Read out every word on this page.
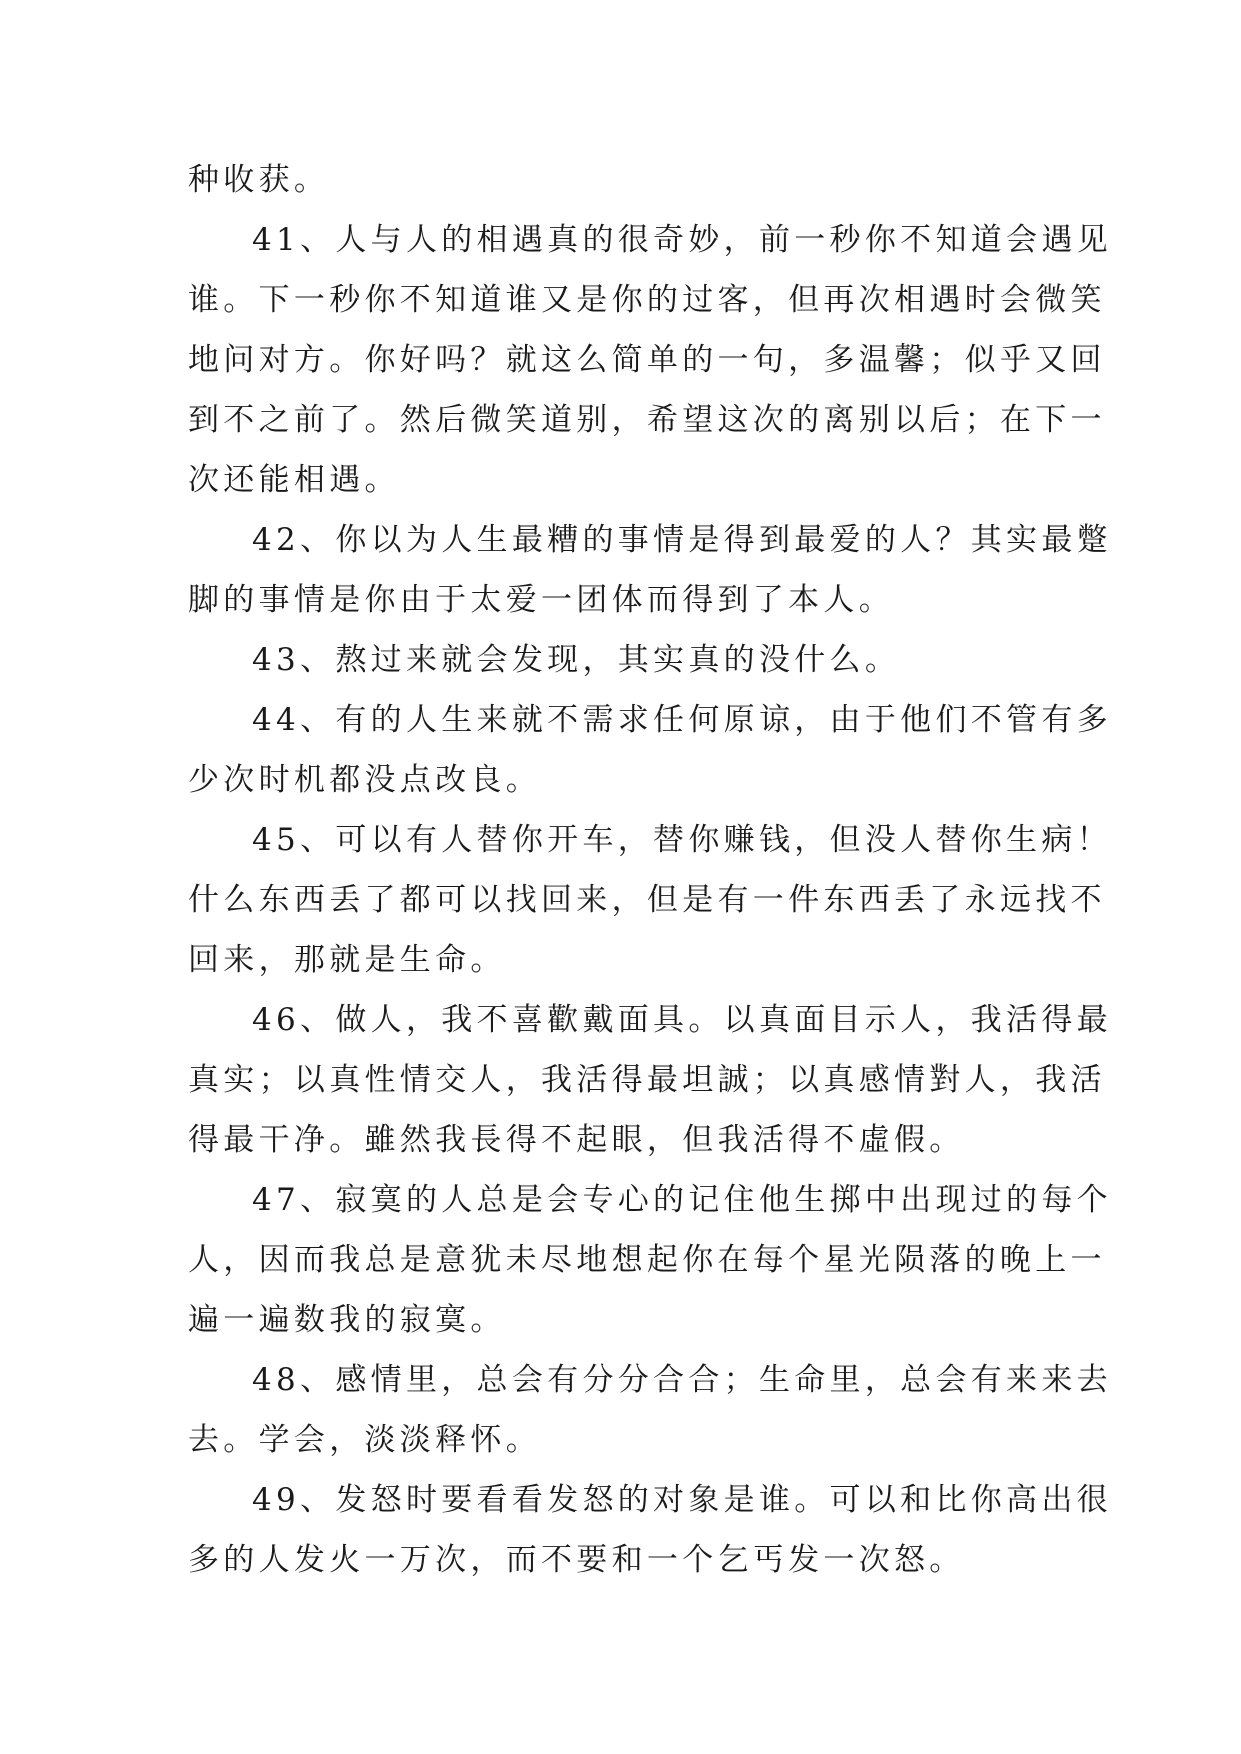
种收获。
41、人与人的相遇真的很奇妙，前一秒你不知道会遇见
谁。下一秒你不知道谁又是你的过客，但再次相遇时会微笑
地问对方。你好吗？就这么简单的一句，多温馨；似乎又回
到不之前了。然后微笑道别，希望这次的离别以后；在下一
次还能相遇。
42、你以为人生最糟的事情是得到最爱的人？其实最蹩
脚的事情是你由于太爱一团体而得到了本人。
43、熬过来就会发现，其实真的没什么。
44、有的人生来就不需求任何原谅，由于他们不管有多
少次时机都没点改良。
45、可以有人替你开车，替你赚钱，但没人替你生病！
什么东西丢了都可以找回来，但是有一件东西丢了永远找不
回来，那就是生命。
46、做人，我不喜歡戴面具。以真面目示人，我活得最
真实；以真性情交人，我活得最坦誠；以真感情對人，我活
得最干净。雖然我長得不起眼，但我活得不虛假。
47、寂寞的人总是会专心的记住他生掷中出现过的每个
人，因而我总是意犹未尽地想起你在每个星光陨落的晚上一
遍一遍数我的寂寞。
48、感情里，总会有分分合合；生命里，总会有来来去
去。学会，淡淡释怀。
49、发怒时要看看发怒的对象是谁。可以和比你高出很
多的人发火一万次，而不要和一个乞丐发一次怒。
